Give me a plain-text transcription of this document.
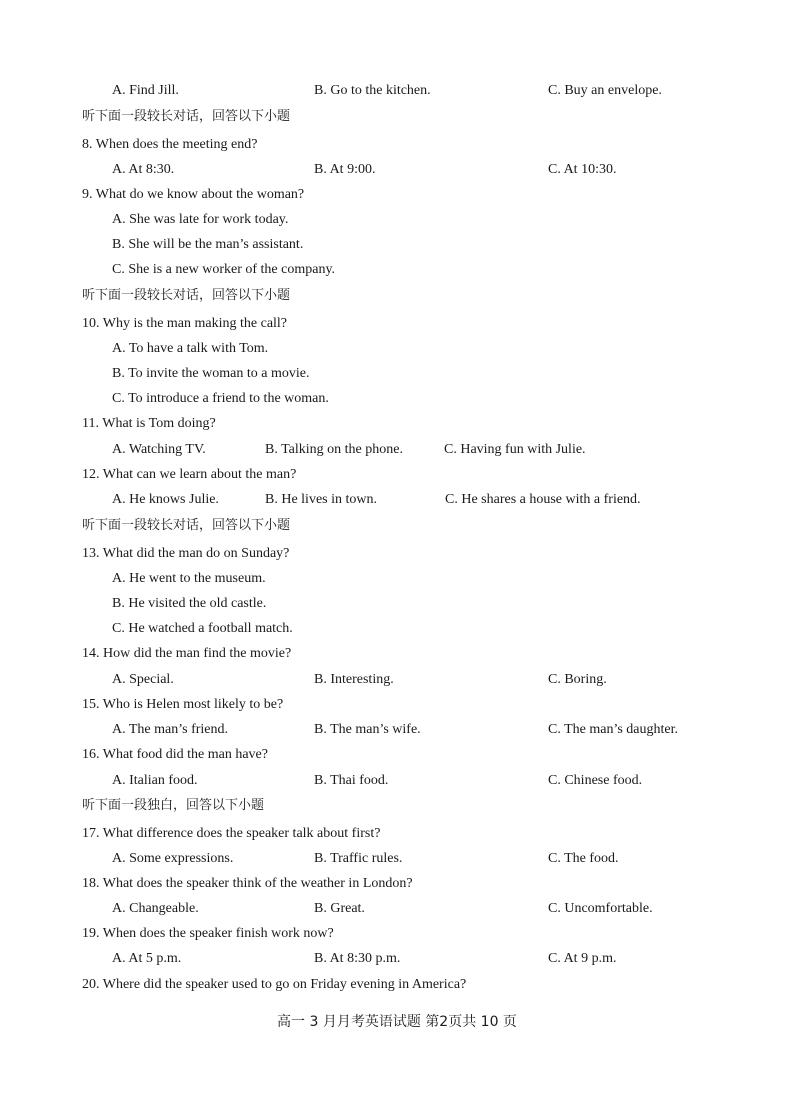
A. Find Jill.	B. Go to the kitchen.	C. Buy an envelope.
听下面一段较长对话，回答以下小题
8. When does the meeting end?
A. At 8:30.	B. At 9:00.	C. At 10:30.
9. What do we know about the woman?
A. She was late for work today.
B. She will be the man’s assistant.
C. She is a new worker of the company.
听下面一段较长对话，回答以下小题
10. Why is the man making the call?
A. To have a talk with Tom.
B. To invite the woman to a movie.
C. To introduce a friend to the woman.
11. What is Tom doing?
A. Watching TV.	B. Talking on the phone.	C. Having fun with Julie.
12. What can we learn about the man?
A. He knows Julie.	B. He lives in town.	C. He shares a house with a friend.
听下面一段较长对话，回答以下小题
13. What did the man do on Sunday?
A. He went to the museum.
B. He visited the old castle.
C. He watched a football match.
14. How did the man find the movie?
A. Special.	B. Interesting.	C. Boring.
15. Who is Helen most likely to be?
A. The man’s friend.	B. The man’s wife.	C. The man’s daughter.
16. What food did the man have?
A. Italian food.	B. Thai food.	C. Chinese food.
听下面一段独白，回答以下小题
17. What difference does the speaker talk about first?
A. Some expressions.	B. Traffic rules.	C. The food.
18. What does the speaker think of the weather in London?
A. Changeable.	B. Great.	C. Uncomfortable.
19. When does the speaker finish work now?
A. At 5 p.m.	B. At 8:30 p.m.	C. At 9 p.m.
20. Where did the speaker used to go on Friday evening in America?
高一 3 月月考英语试题 第2页共 10 页
